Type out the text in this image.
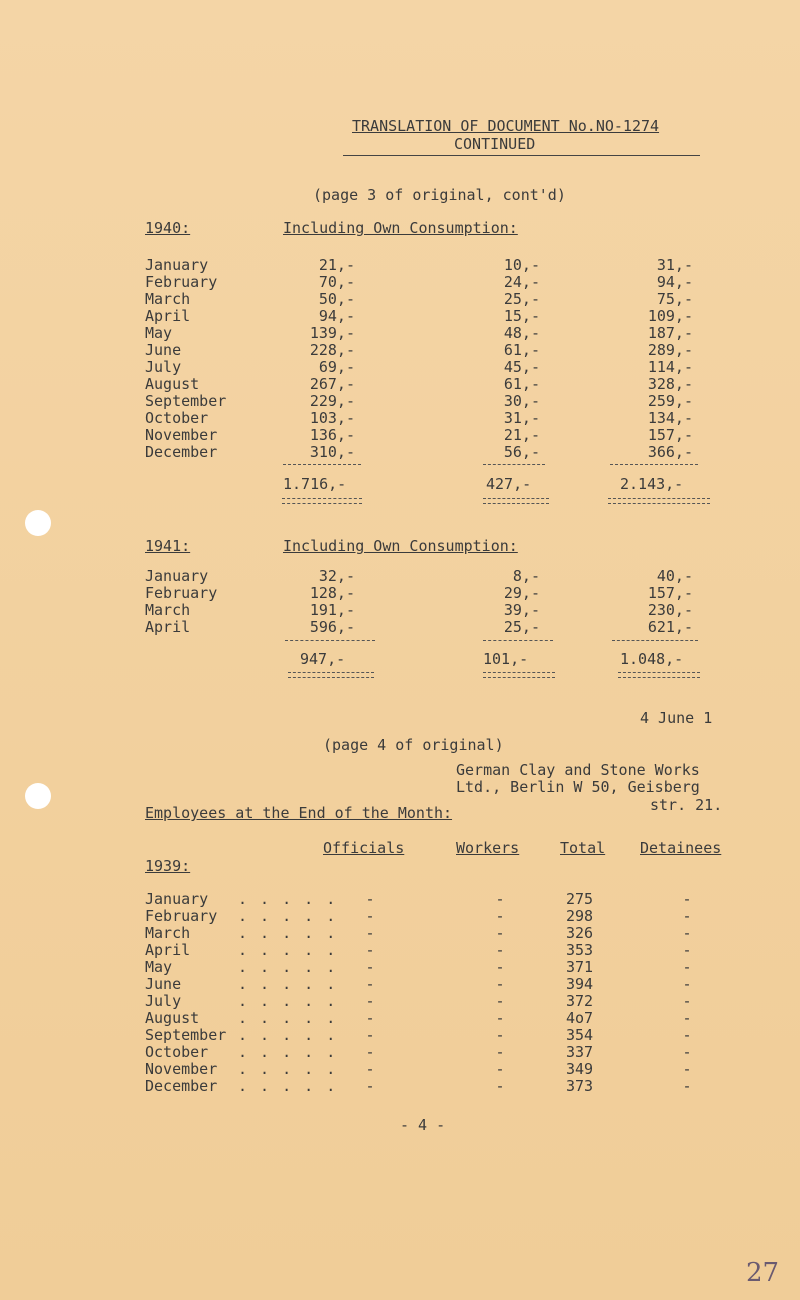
TRANSLATION OF DOCUMENT No.NO-1274
CONTINUED
(page 3 of original, cont'd)
1940:	Including Own Consumption:
January	21,-	10,-	31,-
February	70,-	24,-	94,-
March	50,-	25,-	75,-
April	94,-	15,-	109,-
May	139,-	48,-	187,-
June	228,-	61,-	289,-
July	69,-	45,-	114,-
August	267,-	61,-	328,-
September	229,-	30,-	259,-
October	103,-	31,-	134,-
November	136,-	21,-	157,-
December	310,-	56,-	366,-
1.716,-	427,-	2.143,-
1941:	Including Own Consumption:
January	32,-	8,-	40,-
February	128,-	29,-	157,-
March	191,-	39,-	230,-
April	596,-	25,-	621,-
947,-	101,-	1.048,-
4 June 1
(page 4 of original)
German Clay and Stone Works
Ltd., Berlin W 50, Geisberg
str. 21.
Employees at the End of the Month:
Officials	Workers	Total Detainees
1939:
January . . . . .	-	-	275	-
February . . . . .	-	-	298	-
March	. . . . .	-	-	326	-
April	. . . . .	-	-	353	-
May	. . . . .	-	-	371	-
June	. . . . .	-	-	394	-
July	. . . . .	-	-	372	-
August	. . . . .	-	-	4o7	-
September . . . . .	-	-	354	-
October . . . . .	-	-	337	-
November . . . . .	-	-	349	-
December . . . . .	-	-	373	-
- 4 -
27
